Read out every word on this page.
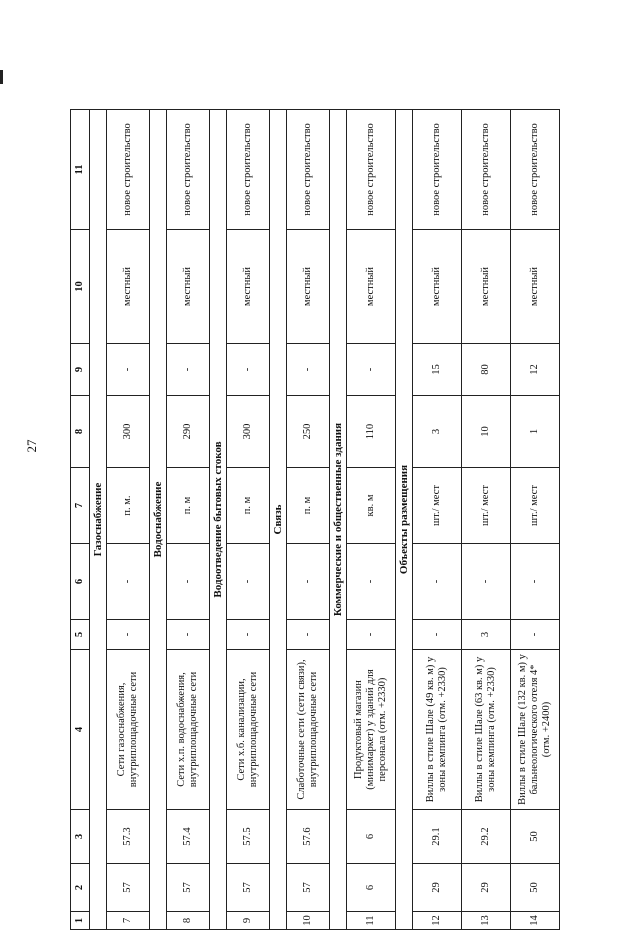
27
1	2	3	4	5	6	7	8	9	10	11
Газоснабжение										
7	57	57.3	Сети газоснабжения, внутриплощадочные сети	-	-	п. м.	300	-	местный	новое строительство
Водоснабжение										
8	57	57.4	Сети х.п. водоснабжения, внутриплощадочные сети	-	-	п. м	290	-	местный	новое строительство
Водоотведение бытовых стоков										
9	57	57.5	Сети х.б. канализации, внутриплощадочные сети	-	-	п. м	300	-	местный	новое строительство
Связь										
10	57	57.6	Слаботочные сети (сети связи), внутриплощадочные сети	-	-	п. м	250	-	местный	новое строительство
Коммерческие и общественные здания										
11	6	6	Продуктовый магазин (минимаркет) у зданий для персонала (отм. +2330)	-	-	кв. м	110	-	местный	новое строительство
Объекты размещения										
12	29	29.1	Виллы в стиле Шале (49 кв. м) у зоны кемпинга (отм. +2330)	-	-	шт./ мест	3	15	местный	новое строительство
13	29	29.2	Виллы в стиле Шале (63 кв. м) у зоны кемпинга (отм. +2330)	3	-	шт./ мест	10	80	местный	новое строительство
14	50	50	Виллы в стиле Шале (132 кв. м) у бальнеологического отеля 4* (отм. +2400)	-	-	шт./ мест	1	12	местный	новое строительство
